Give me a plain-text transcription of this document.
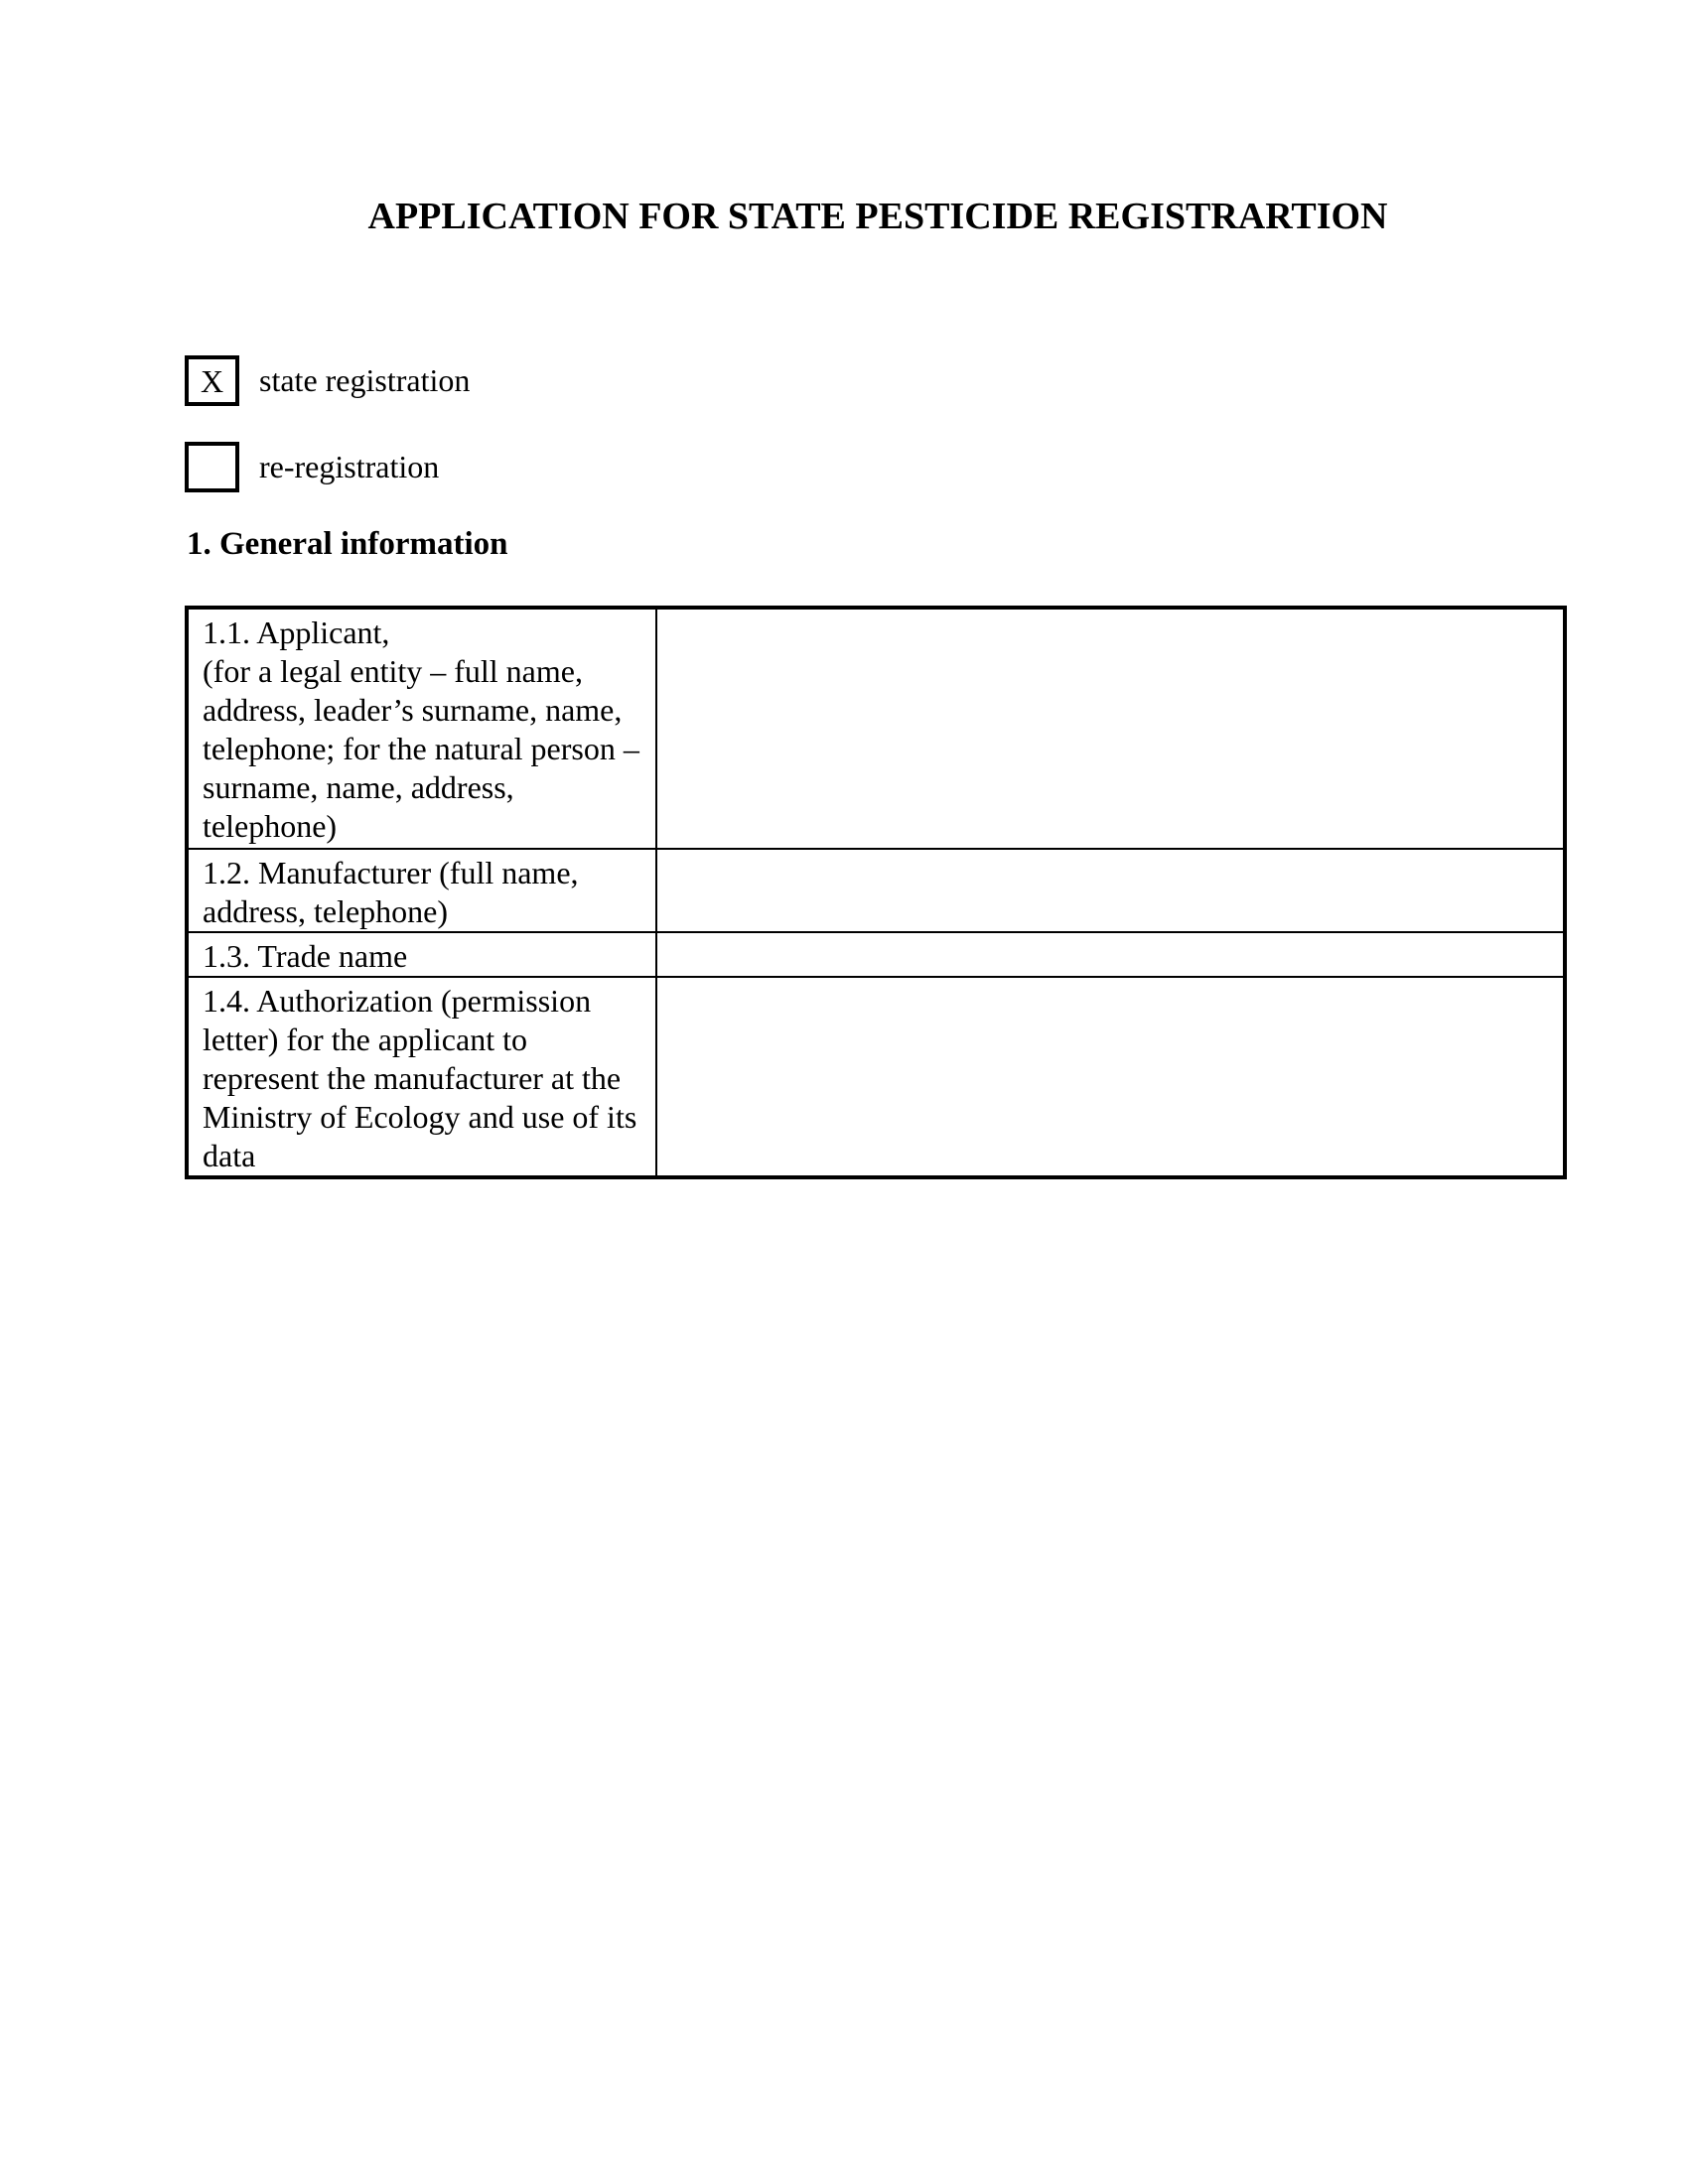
APPLICATION FOR STATE PESTICIDE REGISTRARTION
X	state registration
re-registration
1. General information
1.1. Applicant,
(for a legal entity – full name, address, leader’s surname, name, telephone; for the natural person – surname, name, address, telephone)	
1.2. Manufacturer (full name, address, telephone)	
1.3. Trade name	
1.4. Authorization (permission letter) for the applicant to represent the manufacturer at the Ministry of Ecology and use of its data	
